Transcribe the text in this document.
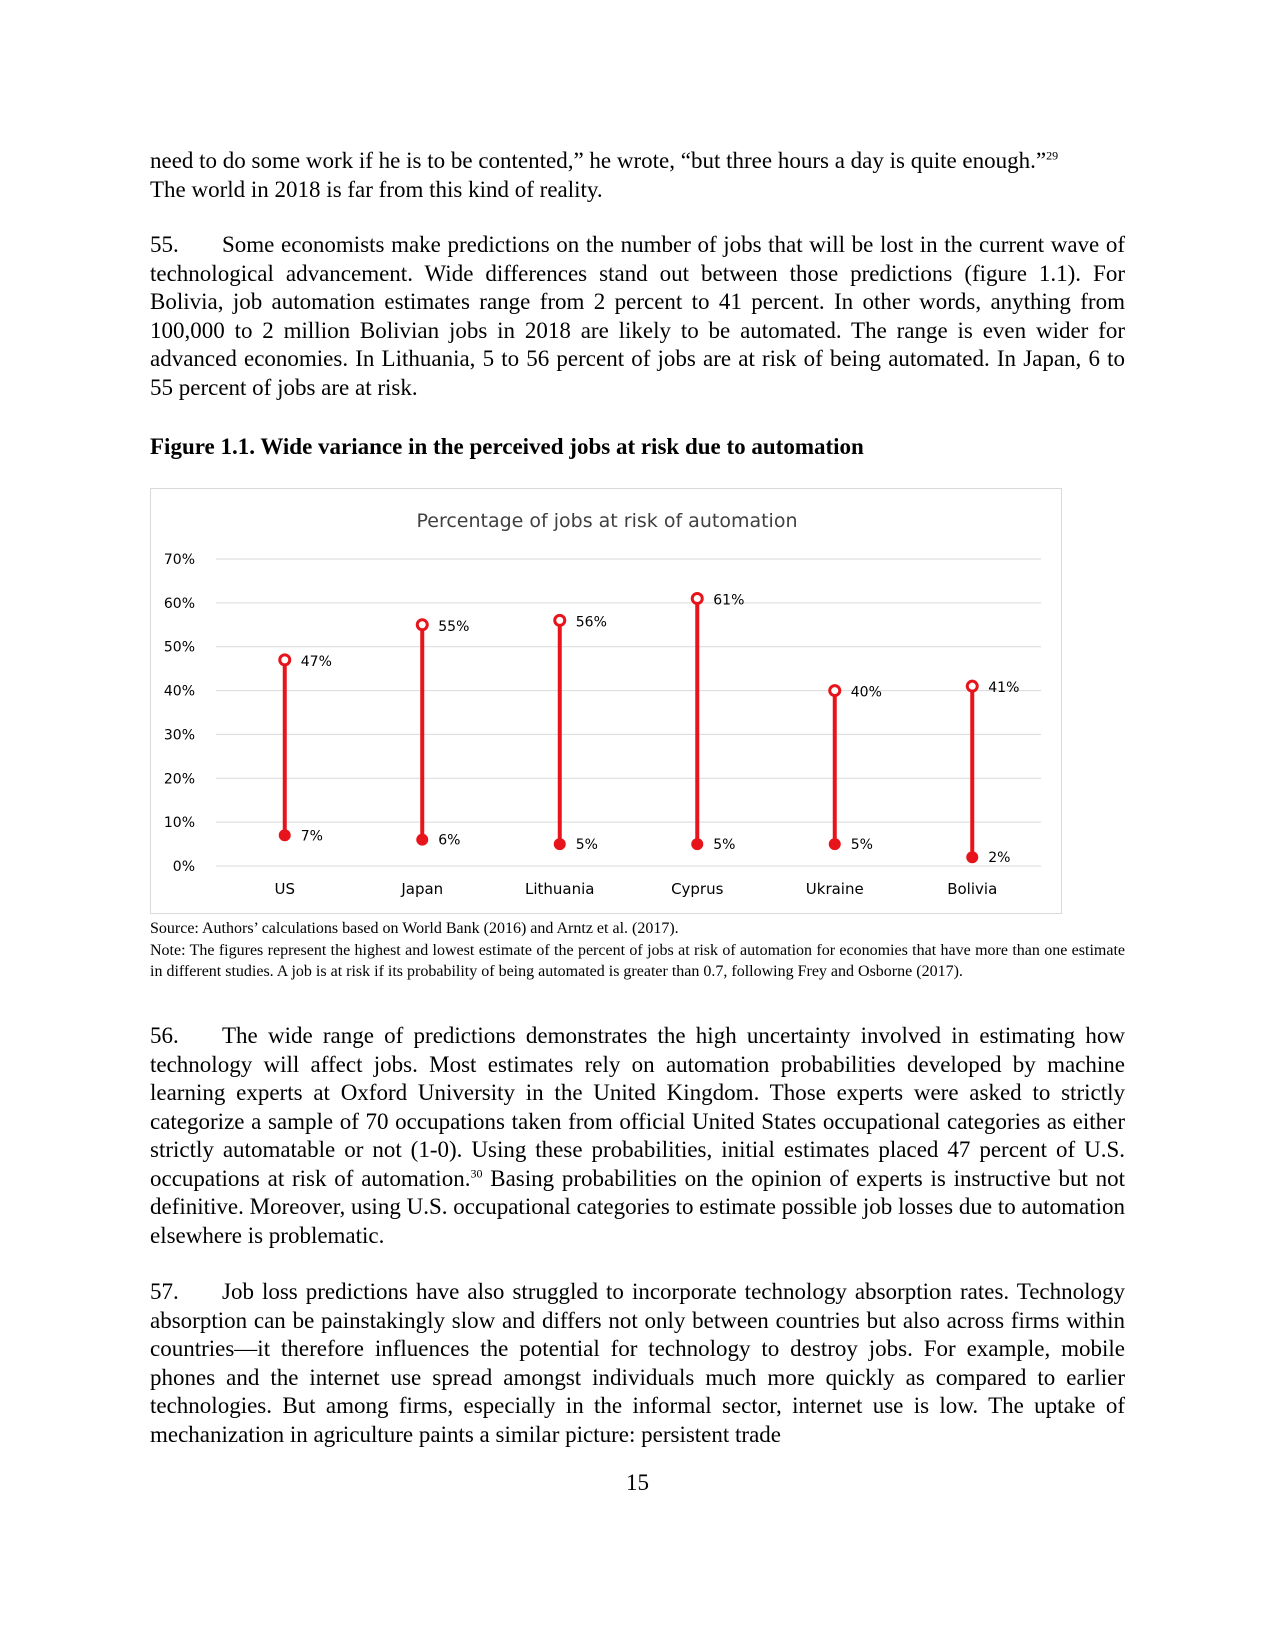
need to do some work if he is to be contented,” he wrote, “but three hours a day is quite enough.”$^{29}$
The world in 2018 is far from this kind of reality.

55. Some economists make predictions on the number of jobs that will be lost in the current wave of technological advancement. Wide differences stand out between those predictions (figure 1.1). For Bolivia, job automation estimates range from 2 percent to 41 percent. In other words, anything from 100,000 to 2 million Bolivian jobs in 2018 are likely to be automated. The range is even wider for advanced economies. In Lithuania, 5 to 56 percent of jobs are at risk of being automated. In Japan, 6 to 55 percent of jobs are at risk.

Figure 1.1. Wide variance in the perceived jobs at risk due to automation

Percentage of jobs at risk of automation
0%
10%
20%
30%
40%
50%
60%
70%
US	Japan	Lithuania	Cyprus	Ukraine	Bolivia
47%
7%
55%
6%
56%
5%
61%
5%
40%
5%
41%
2%

Source: Authors’ calculations based on World Bank (2016) and Arntz et al. (2017).
Note: The figures represent the highest and lowest estimate of the percent of jobs at risk of automation for economies that have more than one estimate in different studies. A job is at risk if its probability of being automated is greater than 0.7, following Frey and Osborne (2017).

56. The wide range of predictions demonstrates the high uncertainty involved in estimating how technology will affect jobs. Most estimates rely on automation probabilities developed by machine learning experts at Oxford University in the United Kingdom. Those experts were asked to strictly categorize a sample of 70 occupations taken from official United States occupational categories as either strictly automatable or not (1-0). Using these probabilities, initial estimates placed 47 percent of U.S. occupations at risk of automation.$^{30}$ Basing probabilities on the opinion of experts is instructive but not definitive. Moreover, using U.S. occupational categories to estimate possible job losses due to automation elsewhere is problematic.

57. Job loss predictions have also struggled to incorporate technology absorption rates. Technology absorption can be painstakingly slow and differs not only between countries but also across firms within countries—it therefore influences the potential for technology to destroy jobs. For example, mobile phones and the internet use spread amongst individuals much more quickly as compared to earlier technologies. But among firms, especially in the informal sector, internet use is low. The uptake of mechanization in agriculture paints a similar picture: persistent trade

15
